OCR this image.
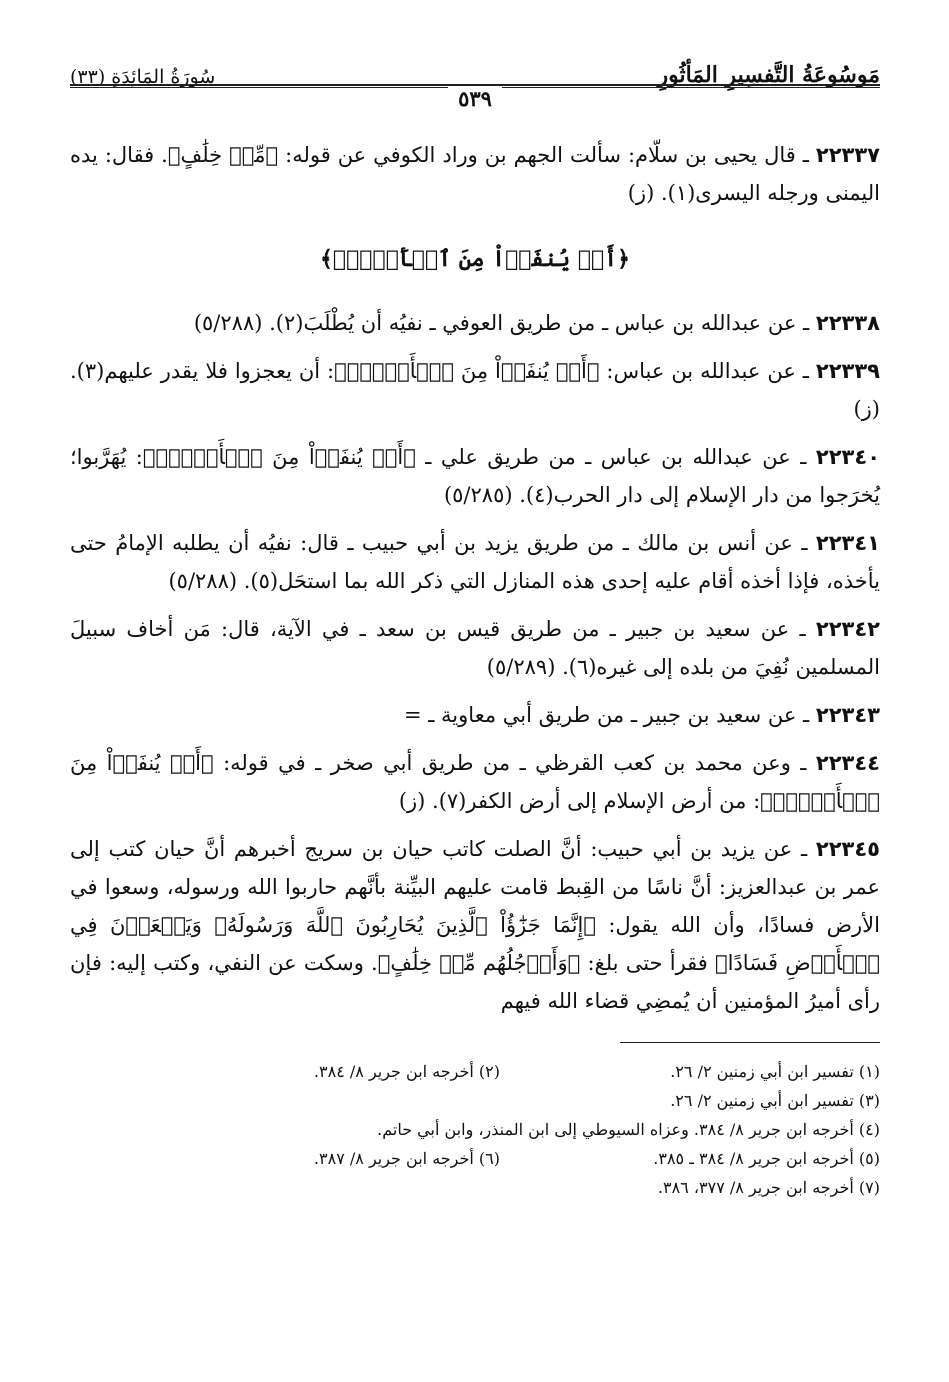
مَوسُوعَةُ التَّفسِيرِ المَأثُورِ
سُورَةُ المَائِدَةِ (٣٣)
٥٣٩

٢٢٣٣٧ ـ قال يحيى بن سلّام: سألت الجهم بن وراد الكوفي عن قوله: ﴿مِّنۡ خِلَٰفٍ﴾. فقال: يده اليمنى ورجله اليسرى(١). (ز)

﴿أَوۡ يُنفَوۡاْ مِنَ ٱلۡأَرۡضِۚ﴾

٢٢٣٣٨ ـ عن عبدالله بن عباس ـ من طريق العوفي ـ نفيُه أن يُطْلَبَ(٢). (٥/٢٨٨)

٢٢٣٣٩ ـ عن عبدالله بن عباس: ﴿أَوۡ يُنفَوۡاْ مِنَ ٱلۡأَرۡضِۚ﴾: أن يعجزوا فلا يقدر عليهم(٣). (ز)

٢٢٣٤٠ ـ عن عبدالله بن عباس ـ من طريق علي ـ ﴿أَوۡ يُنفَوۡاْ مِنَ ٱلۡأَرۡضِۚ﴾: يُهَرَّبوا؛ يُخرَجوا من دار الإسلام إلى دار الحرب(٤). (٥/٢٨٥)

٢٢٣٤١ ـ عن أنس بن مالك ـ من طريق يزيد بن أبي حبيب ـ قال: نفيُه أن يطلبه الإمامُ حتى يأخذه، فإذا أخذه أقام عليه إحدى هذه المنازل التي ذكر الله بما استحَل(٥). (٥/٢٨٨)

٢٢٣٤٢ ـ عن سعيد بن جبير ـ من طريق قيس بن سعد ـ في الآية، قال: مَن أخاف سبيلَ المسلمين نُفِيَ من بلده إلى غيره(٦). (٥/٢٨٩)

٢٢٣٤٣ ـ عن سعيد بن جبير ـ من طريق أبي معاوية ـ =

٢٢٣٤٤ ـ وعن محمد بن كعب القرظي ـ من طريق أبي صخر ـ في قوله: ﴿أَوۡ يُنفَوۡاْ مِنَ ٱلۡأَرۡضِۚ﴾: من أرض الإسلام إلى أرض الكفر(٧). (ز)

٢٢٣٤٥ ـ عن يزيد بن أبي حبيب: أنَّ الصلت كاتب حيان بن سريج أخبرهم أنَّ حيان كتب إلى عمر بن عبدالعزيز: أنَّ ناسًا من القِبط قامت عليهم البيِّنة بأنَّهم حاربوا الله ورسوله، وسعوا في الأرض فسادًا، وأن الله يقول: ﴿إِنَّمَا جَزَٰٓؤُاْ ٱلَّذِينَ يُحَارِبُونَ ٱللَّهَ وَرَسُولَهُۥ وَيَسۡعَوۡنَ فِي ٱلۡأَرۡضِ فَسَادًا﴾ فقرأ حتى بلغ: ﴿وَأَرۡجُلُهُم مِّنۡ خِلَٰفٍ﴾. وسكت عن النفي، وكتب إليه: فإن رأى أميرُ المؤمنين أن يُمضِي قضاء الله فيهم

(١) تفسير ابن أبي زمنين ٢/ ٢٦.
(٢) أخرجه ابن جرير ٨/ ٣٨٤.
(٣) تفسير ابن أبي زمنين ٢/ ٢٦.
(٤) أخرجه ابن جرير ٨/ ٣٨٤. وعزاه السيوطي إلى ابن المنذر، وابن أبي حاتم.
(٥) أخرجه ابن جرير ٨/ ٣٨٤ ـ ٣٨٥.
(٦) أخرجه ابن جرير ٨/ ٣٨٧.
(٧) أخرجه ابن جرير ٨/ ٣٧٧، ٣٨٦.
